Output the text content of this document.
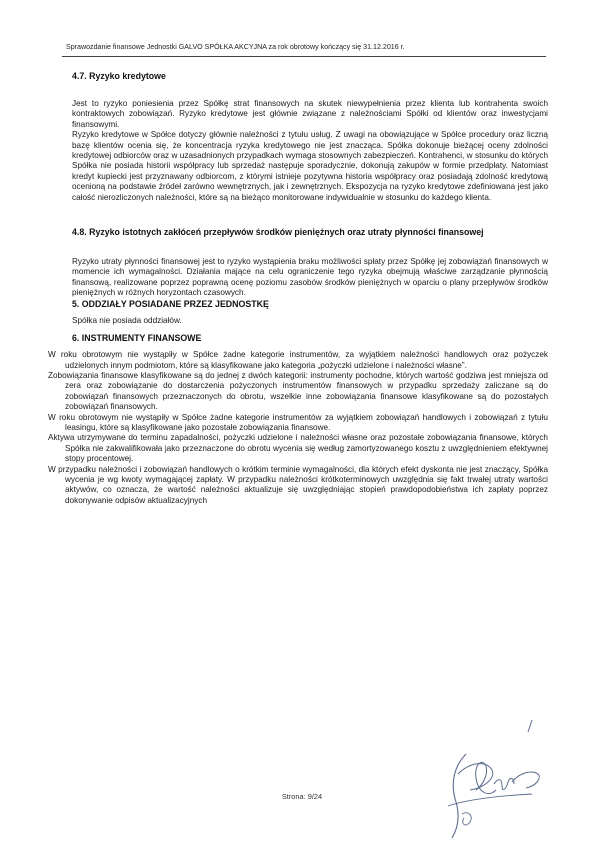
Sprawozdanie finansowe Jednostki GALVO SPÓŁKA AKCYJNA za rok obrotowy kończący się 31.12.2016 r.

4.7. Ryzyko kredytowe

Jest to ryzyko poniesienia przez Spółkę strat finansowych na skutek niewypełnienia przez klienta lub kontrahenta swoich kontraktowych zobowiązań. Ryzyko kredytowe jest głównie związane z należnościami Spółki od klientów oraz inwestycjami finansowymi.

Ryzyko kredytowe w Spółce dotyczy głównie należności z tytułu usług. Z uwagi na obowiązujące w Spółce procedury oraz liczną bazę klientów ocenia się, że koncentracja ryzyka kredytowego nie jest znacząca. Spółka dokonuje bieżącej oceny zdolności kredytowej odbiorców oraz w uzasadnionych przypadkach wymaga stosownych zabezpieczeń. Kontrahenci, w stosunku do których Spółka nie posiada historii współpracy lub sprzedaż następuje sporadycznie, dokonują zakupów w formie przedpłaty. Natomiast kredyt kupiecki jest przyznawany odbiorcom, z którymi istnieje pozytywna historia współpracy oraz posiadają zdolność kredytową ocenioną na podstawie źródeł zarówno wewnętrznych, jak i zewnętrznych. Ekspozycja na ryzyko kredytowe zdefiniowana jest jako całość nierozliczonych należności, które są na bieżąco monitorowane indywidualnie w stosunku do każdego klienta.

4.8. Ryzyko istotnych zakłóceń przepływów środków pieniężnych oraz utraty płynności finansowej

Ryzyko utraty płynności finansowej jest to ryzyko wystąpienia braku możliwości spłaty przez Spółkę jej zobowiązań finansowych w momencie ich wymagalności. Działania mające na celu ograniczenie tego ryzyka obejmują właściwe zarządzanie płynnością finansową, realizowane poprzez poprawną ocenę poziomu zasobów środków pieniężnych w oparciu o plany przepływów środków pieniężnych w różnych horyzontach czasowych.

5. ODDZIAŁY POSIADANE PRZEZ JEDNOSTKĘ

Spółka nie posiada oddziałów.

6. INSTRUMENTY FINANSOWE

W roku obrotowym nie wystąpiły w Spółce żadne kategorie instrumentów, za wyjątkiem należności handlowych oraz pożyczek udzielonych innym podmiotom, które są klasyfikowane jako kategoria „pożyczki udzielone i należności własne”.

Zobowiązania finansowe klasyfikowane są do jednej z dwóch kategorii: instrumenty pochodne, których wartość godziwa jest mniejsza od zera oraz zobowiązanie do dostarczenia pożyczonych instrumentów finansowych w przypadku sprzedaży zaliczane są do zobowiązań finansowych przeznaczonych do obrotu, wszelkie inne zobowiązania finansowe klasyfikowane są do pozostałych zobowiązań finansowych.

W roku obrotowym nie wystąpiły w Spółce żadne kategorie instrumentów za wyjątkiem zobowiązań handlowych i zobowiązań z tytułu leasingu, które są klasyfikowane jako pozostałe zobowiązania finansowe.

Aktywa utrzymywane do terminu zapadalności, pożyczki udzielone i należności własne oraz pozostałe zobowiązania finansowe, których Spółka nie zakwalifikowała jako przeznaczone do obrotu wycenia się według zamortyzowanego kosztu z uwzględnieniem efektywnej stopy procentowej.

W przypadku należności i zobowiązań handlowych o krótkim terminie wymagalności, dla których efekt dyskonta nie jest znaczący, Spółka wycenia je wg kwoty wymagającej zapłaty. W przypadku należności krótkoterminowych uwzględnia się fakt trwałej utraty wartości aktywów, co oznacza, że wartość należności aktualizuje się uwzględniając stopień prawdopodobieństwa ich zapłaty poprzez dokonywanie odpisów aktualizacyjnych

Strona: 9/24
